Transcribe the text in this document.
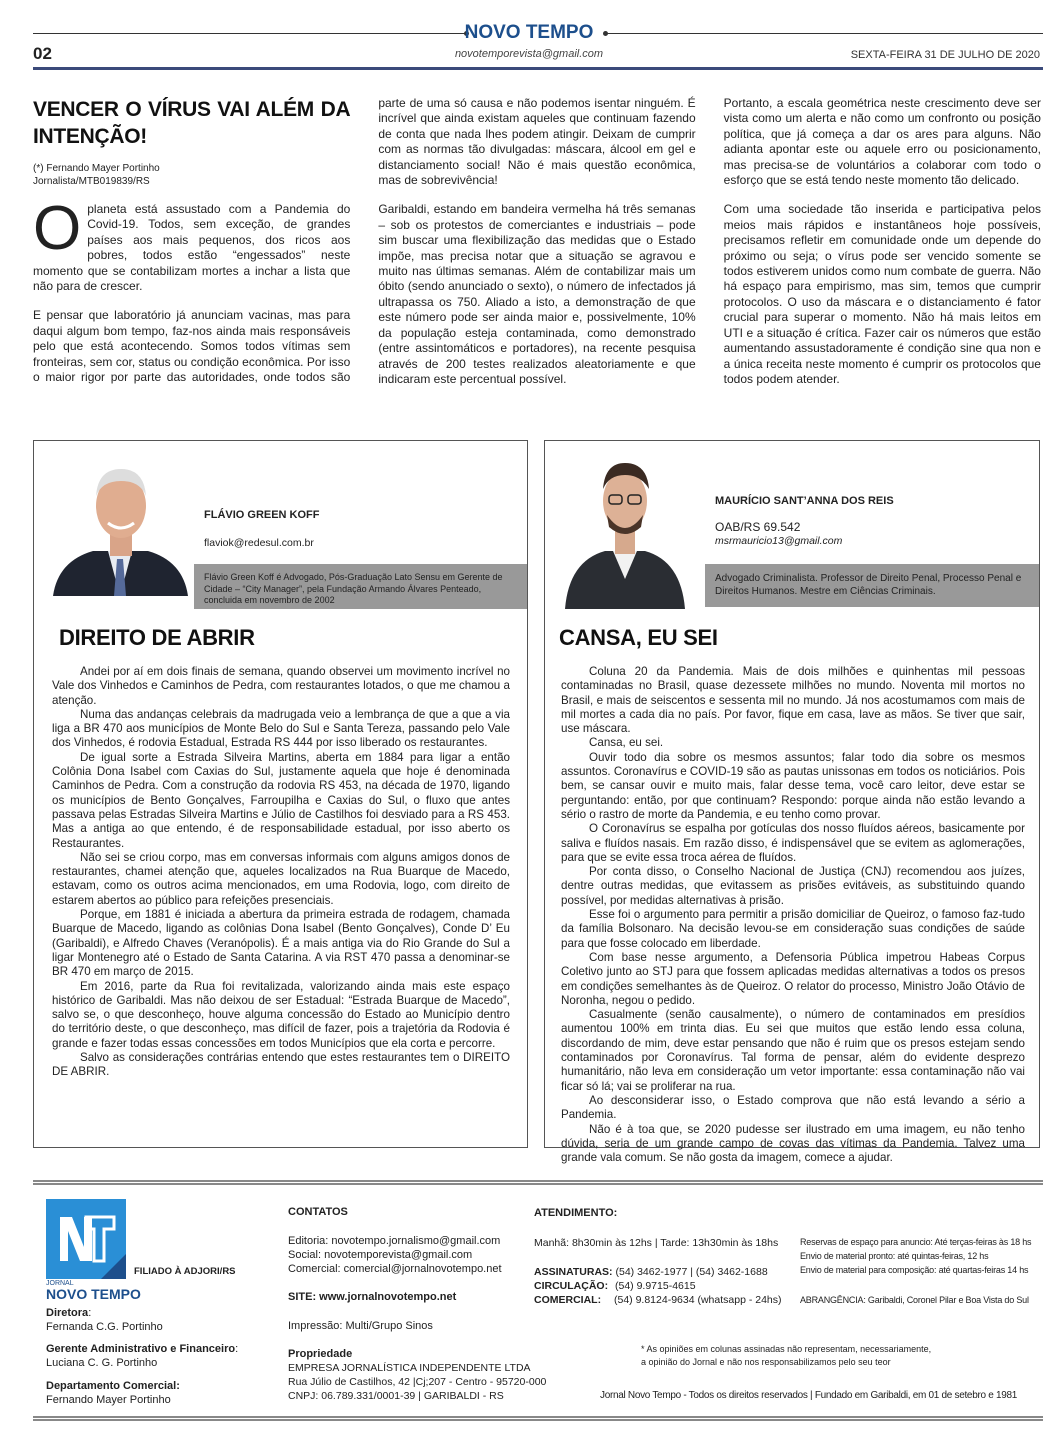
NOVO TEMPO
novotemporevista@gmail.com
02	SEXTA-FEIRA 31 DE JULHO DE 2020
VENCER O VÍRUS VAI ALÉM DA INTENÇÃO!
(*) Fernando Mayer Portinho
Jornalista/MTB019839/RS

Oplaneta está assustado com a Pandemia do Covid-19. Todos, sem exceção, de grandes países aos mais pequenos, dos ricos aos pobres, todos estão “engessados” neste momento que se contabilizam mortes a inchar a lista que não para de crescer.

E pensar que laboratório já anunciam vacinas, mas para daqui algum bom tempo, faz-nos ainda mais responsáveis pelo que está acontecendo. Somos todos vítimas sem fronteiras, sem cor, status ou condição econômica. Por isso o maior rigor por parte das autoridades, onde todos são parte de uma só causa e não podemos isentar ninguém. É incrível que ainda existam aqueles que continuam fazendo de conta que nada lhes podem atingir. Deixam de cumprir com as normas tão divulgadas: máscara, álcool em gel e distanciamento social! Não é mais questão econômica, mas de sobrevivência!

Garibaldi, estando em bandeira vermelha há três semanas – sob os protestos de comerciantes e industriais – pode sim buscar uma flexibilização das medidas que o Estado impõe, mas precisa notar que a situação se agravou e muito nas últimas semanas. Além de contabilizar mais um óbito (sendo anunciado o sexto), o número de infectados já ultrapassa os 750. Aliado a isto, a demonstração de que este número pode ser ainda maior e, possivelmente, 10% da população esteja contaminada, como demonstrado (entre assintomáticos e portadores), na recente pesquisa através de 200 testes realizados aleatoriamente e que indicaram este percentual possível.

Portanto, a escala geométrica neste crescimento deve ser vista como um alerta e não como um confronto ou posição política, que já começa a dar os ares para alguns. Não adianta apontar este ou aquele erro ou posicionamento, mas precisa-se de voluntários a colaborar com todo o esforço que se está tendo neste momento tão delicado.

Com uma sociedade tão inserida e participativa pelos meios mais rápidos e instantâneos hoje possíveis, precisamos refletir em comunidade onde um depende do próximo ou seja; o vírus pode ser vencido somente se todos estiverem unidos como num combate de guerra. Não há espaço para empirismo, mas sim, temos que cumprir protocolos. O uso da máscara e o distanciamento é fator crucial para superar o momento. Não há mais leitos em UTI e a situação é crítica. Fazer cair os números que estão aumentando assustadoramente é condição sine qua non e a única receita neste momento é cumprir os protocolos que todos podem atender.

FLÁVIO GREEN KOFF
flaviok@redesul.com.br
Flávio Green Koff é Advogado, Pós-Graduação Lato Sensu em Gerente de Cidade – “City Manager”, pela Fundação Armando Álvares Penteado, concluida em novembro de 2002
DIREITO DE ABRIR

Andei por aí em dois finais de semana, quando observei um movimento incrível no Vale dos Vinhedos e Caminhos de Pedra, com restaurantes lotados, o que me chamou a atenção.

Numa das andanças celebrais da madrugada veio a lembrança de que a que a via liga a BR 470 aos municípios de Monte Belo do Sul e Santa Tereza, passando pelo Vale dos Vinhedos, é rodovia Estadual, Estrada RS 444 por isso liberado os restaurantes.

De igual sorte a Estrada Silveira Martins, aberta em 1884 para ligar a então Colônia Dona Isabel com Caxias do Sul, justamente aquela que hoje é denominada Caminhos de Pedra. Com a construção da rodovia RS 453, na década de 1970, ligando os municípios de Bento Gonçalves, Farroupilha e Caxias do Sul, o fluxo que antes passava pelas Estradas Silveira Martins e Júlio de Castilhos foi desviado para a RS 453. Mas a antiga ao que entendo, é de responsabilidade estadual, por isso aberto os Restaurantes.

Não sei se criou corpo, mas em conversas informais com alguns amigos donos de restaurantes, chamei atenção que, aqueles localizados na Rua Buarque de Macedo, estavam, como os outros acima mencionados, em uma Rodovia, logo, com direito de estarem abertos ao público para refeições presenciais.

Porque, em 1881 é iniciada a abertura da primeira estrada de rodagem, chamada Buarque de Macedo, ligando as colônias Dona Isabel (Bento Gonçalves), Conde D’ Eu (Garibaldi), e Alfredo Chaves (Veranópolis). É a mais antiga via do Rio Grande do Sul a ligar Montenegro até o Estado de Santa Catarina. A via RST 470 passa a denominar-se BR 470 em março de 2015.

Em 2016, parte da Rua foi revitalizada, valorizando ainda mais este espaço histórico de Garibaldi. Mas não deixou de ser Estadual: “Estrada Buarque de Macedo”, salvo se, o que desconheço, houve alguma concessão do Estado ao Município dentro do território deste, o que desconheço, mas difícil de fazer, pois a trajetória da Rodovia é grande e fazer todas essas concessões em todos Municípios que ela corta e percorre.

Salvo as considerações contrárias entendo que estes restaurantes tem o DIREITO DE ABRIR.

MAURÍCIO SANT’ANNA DOS REIS
OAB/RS 69.542
msrmauricio13@gmail.com
Advogado Criminalista. Professor de Direito Penal, Processo Penal e Direitos Humanos. Mestre em Ciências Criminais.
CANSA, EU SEI

Coluna 20 da Pandemia. Mais de dois milhões e quinhentas mil pessoas contaminadas no Brasil, quase dezessete milhões no mundo. Noventa mil mortos no Brasil, e mais de seiscentos e sessenta mil no mundo. Já nos acostumamos com mais de mil mortes a cada dia no país. Por favor, fique em casa, lave as mãos. Se tiver que sair, use máscara.

Cansa, eu sei.

Ouvir todo dia sobre os mesmos assuntos; falar todo dia sobre os mesmos assuntos. Coronavírus e COVID-19 são as pautas unissonas em todos os noticiários. Pois bem, se cansar ouvir e muito mais, falar desse tema, você caro leitor, deve estar se perguntando: então, por que continuam? Respondo: porque ainda não estão levando a sério o rastro de morte da Pandemia, e eu tenho como provar.

O Coronavírus se espalha por gotículas dos nosso fluídos aéreos, basicamente por saliva e fluídos nasais. Em razão disso, é indispensável que se evitem as aglomerações, para que se evite essa troca aérea de fluídos.

Por conta disso, o Conselho Nacional de Justiça (CNJ) recomendou aos juízes, dentre outras medidas, que evitassem as prisões evitáveis, as substituindo quando possível, por medidas alternativas à prisão.

Esse foi o argumento para permitir a prisão domiciliar de Queiroz, o famoso faz-tudo da família Bolsonaro. Na decisão levou-se em consideração suas condições de saúde para que fosse colocado em liberdade.

Com base nesse argumento, a Defensoria Pública impetrou Habeas Corpus Coletivo junto ao STJ para que fossem aplicadas medidas alternativas a todos os presos em condições semelhantes às de Queiroz. O relator do processo, Ministro João Otávio de Noronha, negou o pedido.

Casualmente (senão causalmente), o número de contaminados em presídios aumentou 100% em trinta dias. Eu sei que muitos que estão lendo essa coluna, discordando de mim, deve estar pensando que não é ruim que os presos estejam sendo contaminados por Coronavírus. Tal forma de pensar, além do evidente desprezo humanitário, não leva em consideração um vetor importante: essa contaminação não vai ficar só lá; vai se proliferar na rua.

Ao desconsiderar isso, o Estado comprova que não está levando a sério a Pandemia.

Não é à toa que, se 2020 pudesse ser ilustrado em uma imagem, eu não tenho dúvida, seria de um grande campo de covas das vítimas da Pandemia. Talvez uma grande vala comum. Se não gosta da imagem, comece a ajudar.

JORNAL
NOVO TEMPO
FILIADO À ADJORI/RS
Diretora:
Fernanda C.G. Portinho
Gerente Administrativo e Financeiro:
Luciana C. G. Portinho
Departamento Comercial:
Fernando Mayer Portinho
CONTATOS
Editoria: novotempo.jornalismo@gmail.com
Social: novotemporevista@gmail.com
Comercial: comercial@jornalnovotempo.net
SITE: www.jornalnovotempo.net
Impressão: Multi/Grupo Sinos
Propriedade
EMPRESA JORNALÍSTICA INDEPENDENTE LTDA
Rua Júlio de Castilhos, 42 |Cj;207 - Centro - 95720-000
CNPJ: 06.789.331/0001-39 | GARIBALDI - RS
ATENDIMENTO:
Manhã: 8h30min às 12hs | Tarde: 13h30min às 18hs
ASSINATURAS: (54) 3462-1977 | (54) 3462-1688
CIRCULAÇÃO: (54) 9.9715-4615
COMERCIAL: (54) 9.8124-9634 (whatsapp - 24hs)
Reservas de espaço para anuncio: Até terças-feiras às 18 hs
Envio de material pronto: até quintas-feiras, 12 hs
Envio de material para composição: até quartas-feiras 14 hs
ABRANGÊNCIA: Garibaldi, Coronel Pilar e Boa Vista do Sul
* As opiniões em colunas assinadas não representam, necessariamente,
a opinião do Jornal e não nos responsabilizamos pelo seu teor
Jornal Novo Tempo - Todos os direitos reservados | Fundado em Garibaldi, em 01 de setebro e 1981
